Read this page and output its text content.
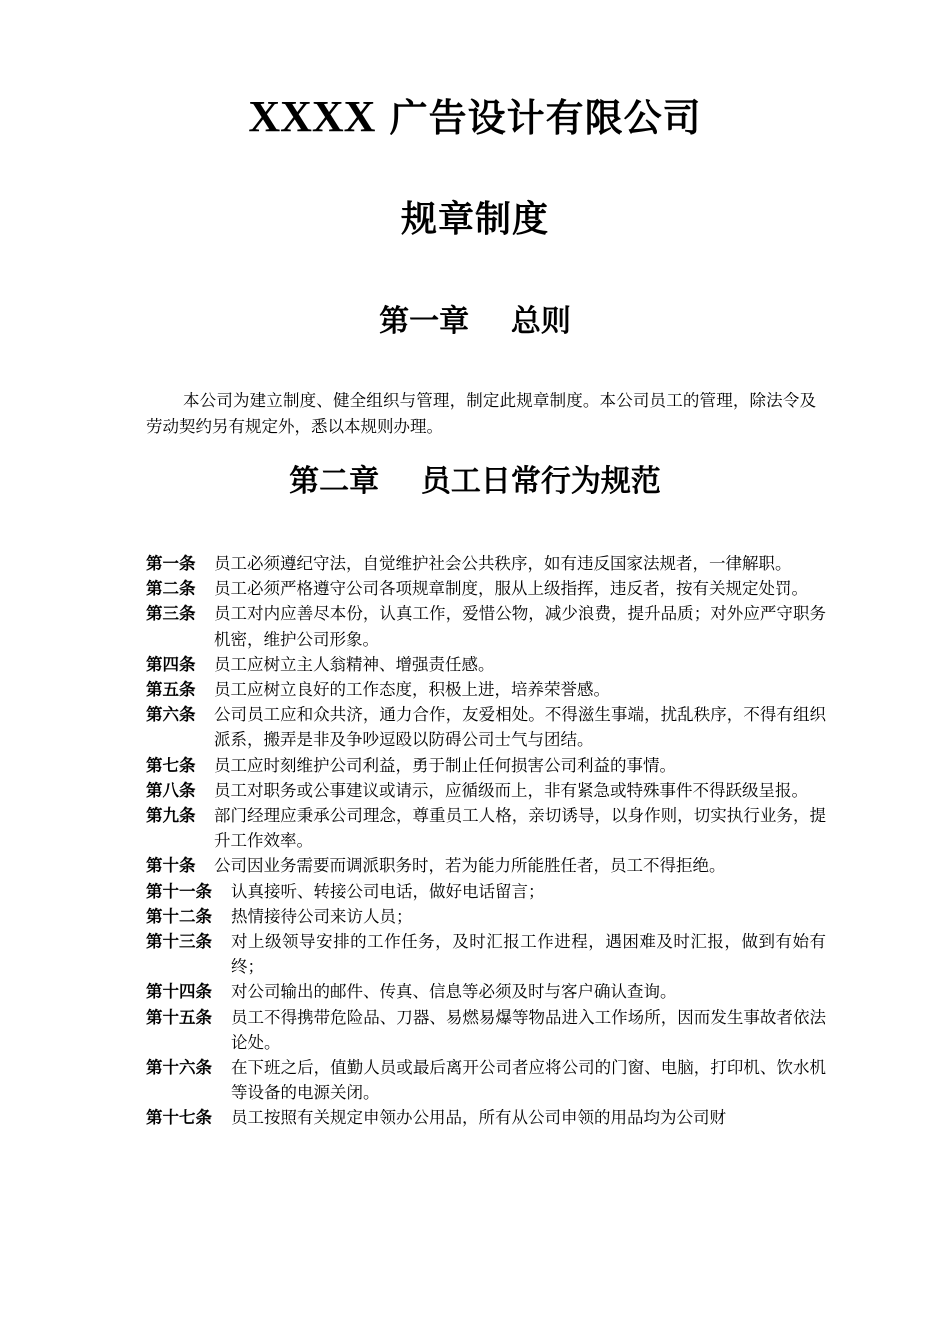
XXXX 广告设计有限公司
规章制度
第一章 总则
本公司为建立制度、健全组织与管理，制定此规章制度。本公司员工的管理，除法令及劳动契约另有规定外，悉以本规则办理。
第二章 员工日常行为规范
第一条	员工必须遵纪守法，自觉维护社会公共秩序，如有违反国家法规者，一律解职。
第二条	员工必须严格遵守公司各项规章制度，服从上级指挥，违反者，按有关规定处罚。
第三条	员工对内应善尽本份，认真工作，爱惜公物，减少浪费，提升品质；对外应严守职务机密，维护公司形象。
第四条	员工应树立主人翁精神、增强责任感。
第五条	员工应树立良好的工作态度，积极上进，培养荣誉感。
第六条	公司员工应和众共济，通力合作，友爱相处。不得滋生事端，扰乱秩序，不得有组织派系，搬弄是非及争吵逗殴以防碍公司士气与团结。
第七条	员工应时刻维护公司利益，勇于制止任何损害公司利益的事情。
第八条	员工对职务或公事建议或请示，应循级而上，非有紧急或特殊事件不得跃级呈报。
第九条	部门经理应秉承公司理念，尊重员工人格，亲切诱导，以身作则，切实执行业务，提升工作效率。
第十条	公司因业务需要而调派职务时，若为能力所能胜任者，员工不得拒绝。
第十一条	认真接听、转接公司电话，做好电话留言；
第十二条	热情接待公司来访人员；
第十三条	对上级领导安排的工作任务，及时汇报工作进程，遇困难及时汇报，做到有始有终；
第十四条	对公司输出的邮件、传真、信息等必须及时与客户确认查询。
第十五条	员工不得携带危险品、刀器、易燃易爆等物品进入工作场所，因而发生事故者依法论处。
第十六条	在下班之后，值勤人员或最后离开公司者应将公司的门窗、电脑，打印机、饮水机等设备的电源关闭。
第十七条	员工按照有关规定申领办公用品，所有从公司申领的用品均为公司财
